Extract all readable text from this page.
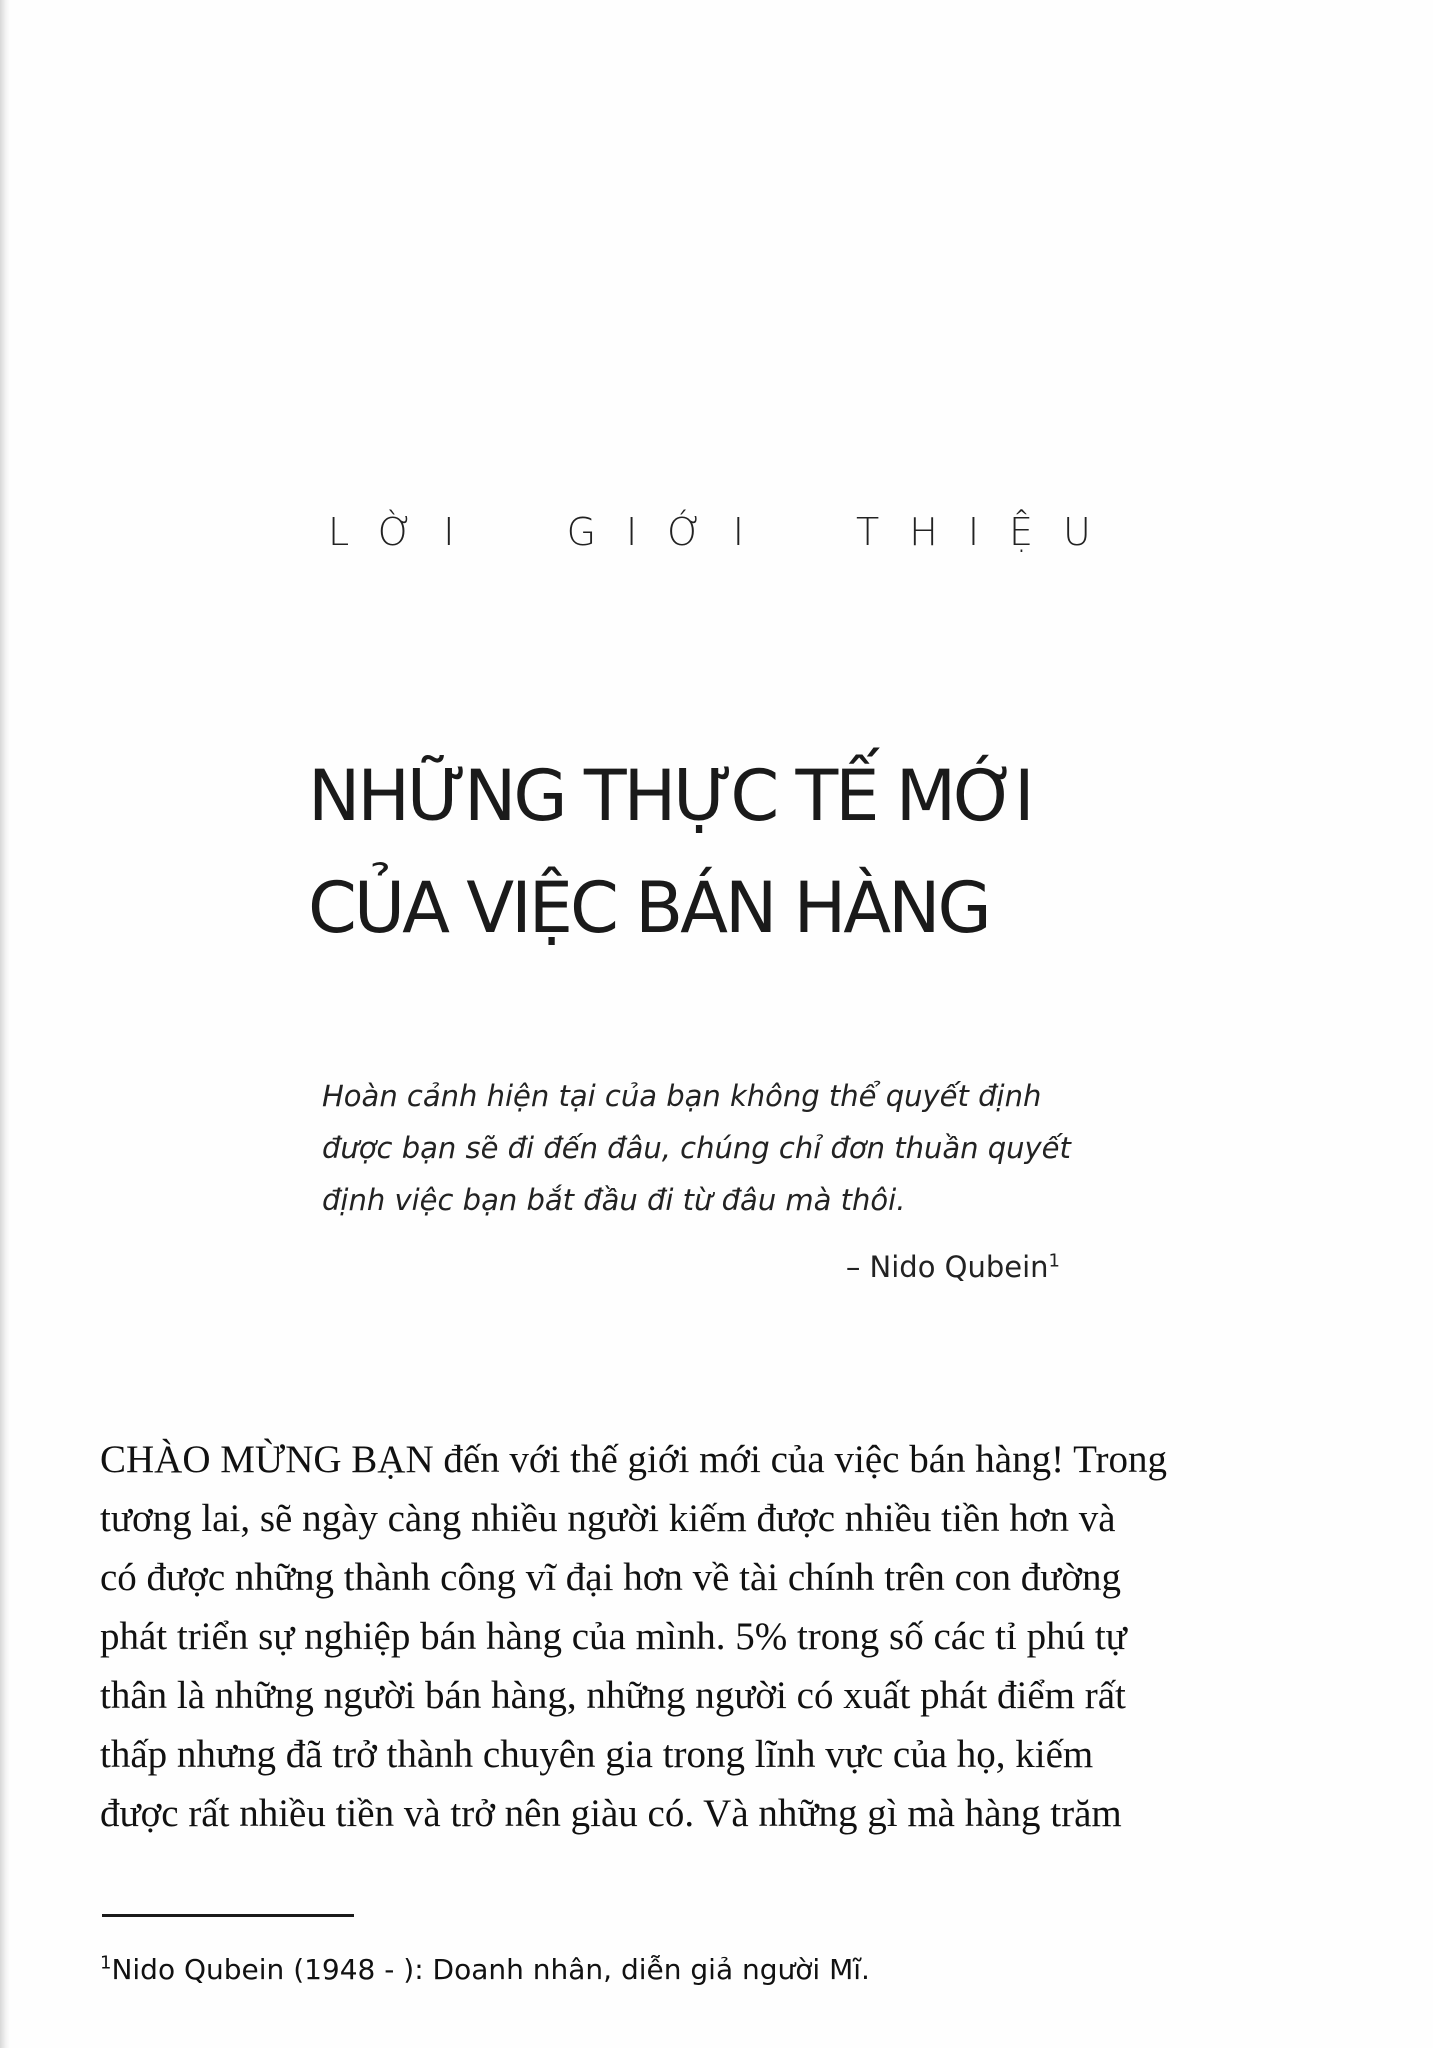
LỜI GIỚI THIỆU
NHỮNG THỰC TẾ MỚI
CỦA VIỆC BÁN HÀNG
Hoàn cảnh hiện tại của bạn không thể quyết định
được bạn sẽ đi đến đâu, chúng chỉ đơn thuần quyết
định việc bạn bắt đầu đi từ đâu mà thôi.
– Nido Qubein$^1$
CHÀO MỪNG BẠN đến với thế giới mới của việc bán hàng! Trong
tương lai, sẽ ngày càng nhiều người kiếm được nhiều tiền hơn và
có được những thành công vĩ đại hơn về tài chính trên con đường
phát triển sự nghiệp bán hàng của mình. 5% trong số các tỉ phú tự
thân là những người bán hàng, những người có xuất phát điểm rất
thấp nhưng đã trở thành chuyên gia trong lĩnh vực của họ, kiếm
được rất nhiều tiền và trở nên giàu có. Và những gì mà hàng trăm
$^1$Nido Qubein (1948 - ): Doanh nhân, diễn giả người Mĩ.
